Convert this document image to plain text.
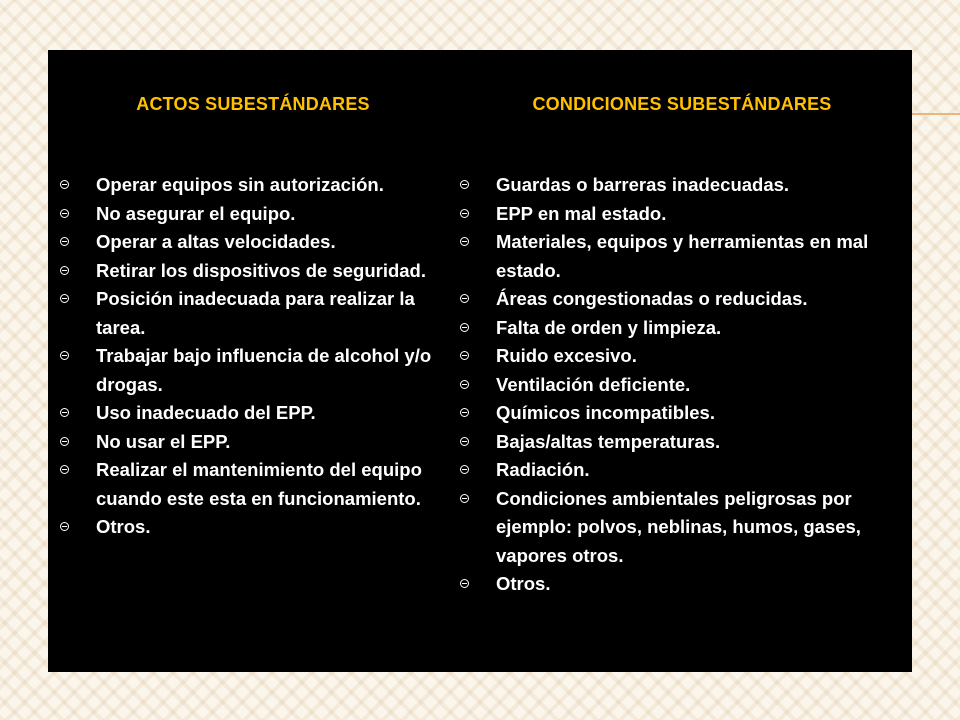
ACTOS SUBESTÁNDARES
Operar equipos sin autorización.
No asegurar el equipo.
Operar a altas velocidades.
Retirar los dispositivos de seguridad.
Posición inadecuada para realizar la tarea.
Trabajar bajo influencia de alcohol y/o drogas.
Uso inadecuado del EPP.
No usar el EPP.
Realizar el mantenimiento del equipo cuando este esta en funcionamiento.
Otros.
CONDICIONES SUBESTÁNDARES
Guardas o barreras inadecuadas.
EPP en mal estado.
Materiales, equipos y herramientas en mal estado.
Áreas congestionadas o reducidas.
Falta de orden y limpieza.
Ruido excesivo.
Ventilación deficiente.
Químicos incompatibles.
Bajas/altas temperaturas.
Radiación.
Condiciones ambientales peligrosas por ejemplo: polvos, neblinas, humos, gases, vapores otros.
Otros.
